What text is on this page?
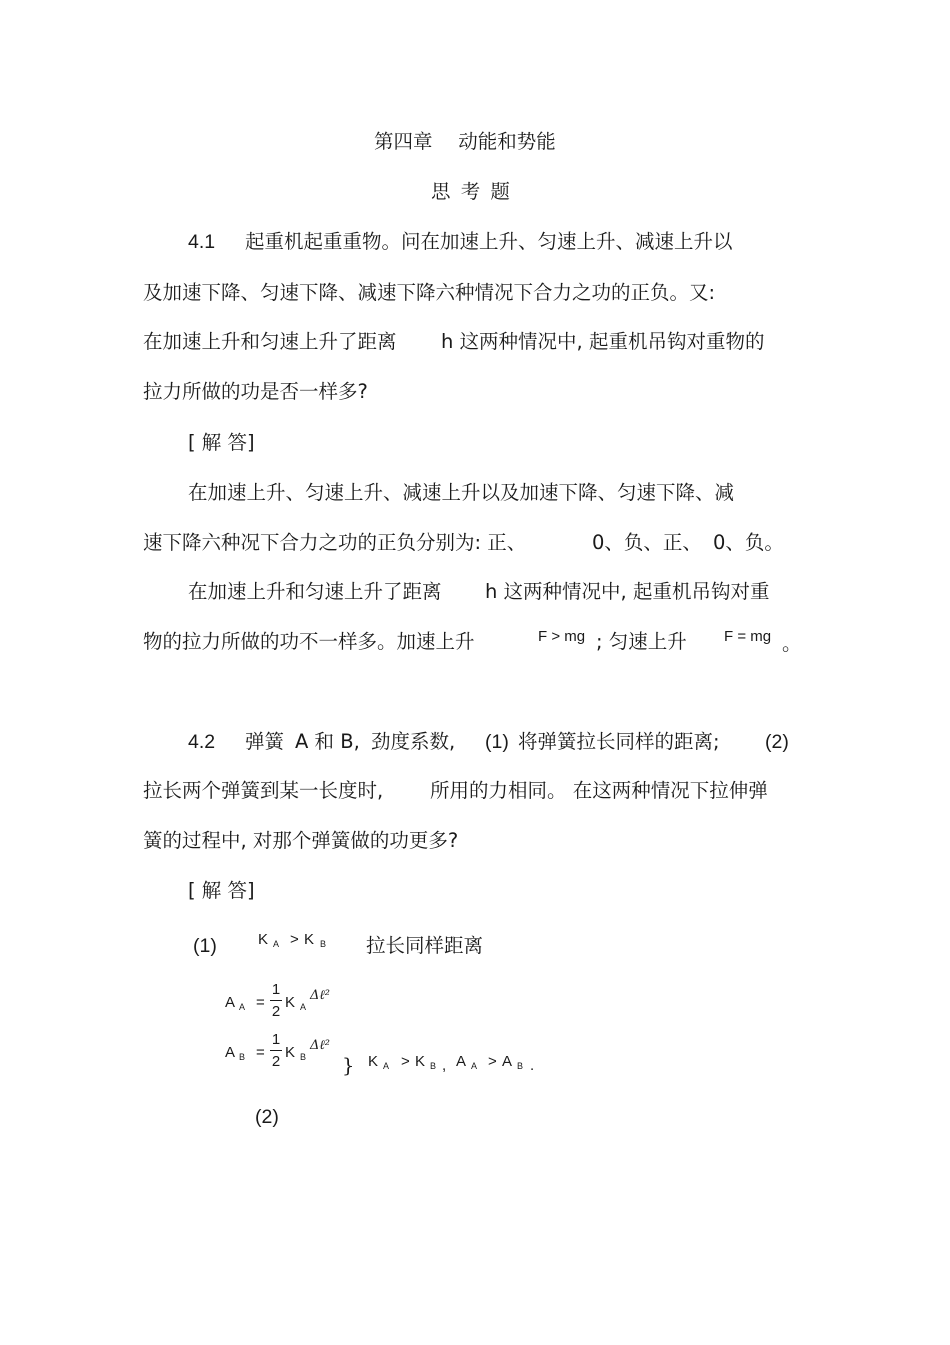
第四章　 动能和势能
思 考 题
4.1 起重机起重重物。问在加速上升、匀速上升、减速上升以
及加速下降、匀速下降、减速下降六种情况下合力之功的正负。又:
在加速上升和匀速上升了距离 h 这两种情况中, 起重机吊钩对重物的
拉力所做的功是否一样多?
[ 解 答]
在加速上升、匀速上升、减速上升以及加速下降、匀速下降、减
速下降六种况下合力之功的正负分别为: 正、	0、负、正、 0、负。
在加速上升和匀速上升了距离 h 这两种情况中, 起重机吊钩对重
物的拉力所做的功不一样多。加速上升	F > mg ; 匀速上升 F = mg 。
4.2 弹簧 A 和 B, 劲度系数, (1) 将弹簧拉长同样的距离; (2)
拉长两个弹簧到某一长度时, 所用的力相同。 在这两种情况下拉伸弹
簧的过程中, 对那个弹簧做的功更多?
[ 解 答]
(1)	K A > K B 拉长同样距离
A A =
1
2
K A
Δℓ²
A B =
1
2
K B
Δℓ²
} K A > K B , A A > A B .
(2)
